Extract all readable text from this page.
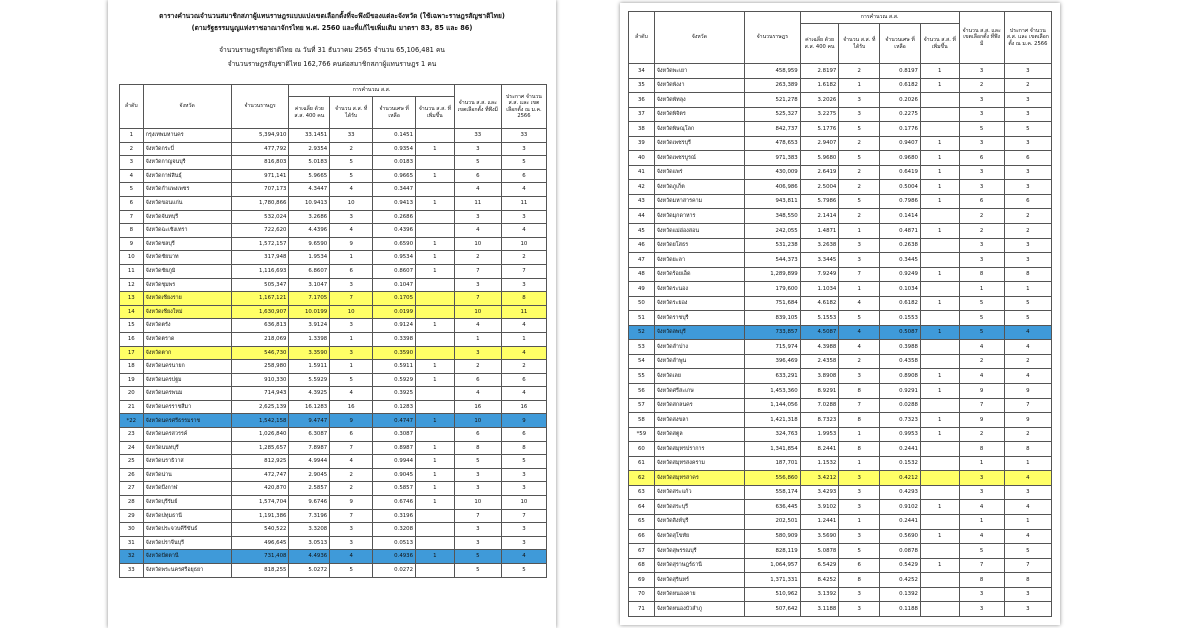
ตารางคำนวณจำนวนสมาชิกสภาผู้แทนราษฎรแบบแบ่งเขตเลือกตั้งที่จะพึงมีของแต่ละจังหวัด (ใช้เฉพาะราษฎรสัญชาติไทย)
(ตามรัฐธรรมนูญแห่งราชอาณาจักรไทย พ.ศ. 2560 และที่แก้ไขเพิ่มเติม มาตรา 83, 85 และ 86)
จำนวนราษฎรสัญชาติไทย ณ วันที่ 31 ธันวาคม 2565 จำนวน 65,106,481 คน
จำนวนราษฎรสัญชาติไทย 162,766 คนต่อสมาชิกสภาผู้แทนราษฎร 1 คน
ลำดับ	จังหวัด	จำนวนราษฎร	การคำนวณ ส.ส.				จำนวน ส.ส. และ เขตเลือกตั้ง ที่พึงมี	ประกาศ จำนวน ส.ส. และ เขตเลือกตั้ง ณ ม.ค. 2566
			ค่าเฉลี่ย ด้วย ส.ส. 400 คน	จำนวน ส.ส. ที่ได้รับ	จำนวนเศษ ที่เหลือ	จำนวน ส.ส. ที่เพิ่มขึ้น		
1	กรุงเทพมหานคร	5,394,910	33.1451	33	0.1451		33	33
2	จังหวัดกระบี่	477,792	2.9354	2	0.9354	1	3	3
3	จังหวัดกาญจนบุรี	816,803	5.0183	5	0.0183		5	5
4	จังหวัดกาฬสินธุ์	971,141	5.9665	5	0.9665	1	6	6
5	จังหวัดกำแพงเพชร	707,173	4.3447	4	0.3447		4	4
6	จังหวัดขอนแก่น	1,780,866	10.9413	10	0.9413	1	11	11
7	จังหวัดจันทบุรี	532,024	3.2686	3	0.2686		3	3
8	จังหวัดฉะเชิงเทรา	722,620	4.4396	4	0.4396		4	4
9	จังหวัดชลบุรี	1,572,157	9.6590	9	0.6590	1	10	10
10	จังหวัดชัยนาท	317,948	1.9534	1	0.9534	1	2	2
11	จังหวัดชัยภูมิ	1,116,693	6.8607	6	0.8607	1	7	7
12	จังหวัดชุมพร	505,347	3.1047	3	0.1047		3	3
13	จังหวัดเชียงราย	1,167,121	7.1705	7	0.1705		7	8
14	จังหวัดเชียงใหม่	1,630,907	10.0199	10	0.0199		10	11
15	จังหวัดตรัง	636,813	3.9124	3	0.9124	1	4	4
16	จังหวัดตราด	218,069	1.3398	1	0.3398		1	1
17	จังหวัดตาก	546,730	3.3590	3	0.3590		3	4
18	จังหวัดนครนายก	258,980	1.5911	1	0.5911	1	2	2
19	จังหวัดนครปฐม	910,330	5.5929	5	0.5929	1	6	6
20	จังหวัดนครพนม	714,943	4.3925	4	0.3925		4	4
21	จังหวัดนครราชสีมา	2,625,139	16.1283	16	0.1283		16	16
*22	จังหวัดนครศรีธรรมราช	1,542,158	9.4747	9	0.4747	1	10	9
23	จังหวัดนครสวรรค์	1,026,840	6.3087	6	0.3087		6	6
24	จังหวัดนนทบุรี	1,285,657	7.8987	7	0.8987	1	8	8
25	จังหวัดนราธิวาส	812,925	4.9944	4	0.9944	1	5	5
26	จังหวัดน่าน	472,747	2.9045	2	0.9045	1	3	3
27	จังหวัดบึงกาฬ	420,870	2.5857	2	0.5857	1	3	3
28	จังหวัดบุรีรัมย์	1,574,704	9.6746	9	0.6746	1	10	10
29	จังหวัดปทุมธานี	1,191,386	7.3196	7	0.3196		7	7
30	จังหวัดประจวบคีรีขันธ์	540,522	3.3208	3	0.3208		3	3
31	จังหวัดปราจีนบุรี	496,645	3.0513	3	0.0513		3	3
32	จังหวัดปัตตานี	731,408	4.4936	4	0.4936	1	5	4
33	จังหวัดพระนครศรีอยุธยา	818,255	5.0272	5	0.0272		5	5
ลำดับ	จังหวัด	จำนวนราษฎร	การคำนวณ ส.ส.				จำนวน ส.ส. และ เขตเลือกตั้ง ที่พึงมี	ประกาศ จำนวน ส.ส. และ เขตเลือกตั้ง ณ ม.ค. 2566
			ค่าเฉลี่ย ด้วย ส.ส. 400 คน	จำนวน ส.ส. ที่ได้รับ	จำนวนเศษ ที่เหลือ	จำนวน ส.ส. ที่เพิ่มขึ้น		
34	จังหวัดพะเยา	458,959	2.8197	2	0.8197	1	3	3
35	จังหวัดพังงา	263,389	1.6182	1	0.6182	1	2	2
36	จังหวัดพัทลุง	521,278	3.2026	3	0.2026		3	3
37	จังหวัดพิจิตร	525,327	3.2275	3	0.2275		3	3
38	จังหวัดพิษณุโลก	842,737	5.1776	5	0.1776		5	5
39	จังหวัดเพชรบุรี	478,653	2.9407	2	0.9407	1	3	3
40	จังหวัดเพชรบูรณ์	971,383	5.9680	5	0.9680	1	6	6
41	จังหวัดแพร่	430,009	2.6419	2	0.6419	1	3	3
42	จังหวัดภูเก็ต	406,986	2.5004	2	0.5004	1	3	3
43	จังหวัดมหาสารคาม	943,811	5.7986	5	0.7986	1	6	6
44	จังหวัดมุกดาหาร	348,550	2.1414	2	0.1414		2	2
45	จังหวัดแม่ฮ่องสอน	242,055	1.4871	1	0.4871	1	2	2
46	จังหวัดยโสธร	531,238	3.2638	3	0.2638		3	3
47	จังหวัดยะลา	544,373	3.3445	3	0.3445		3	3
48	จังหวัดร้อยเอ็ด	1,289,899	7.9249	7	0.9249	1	8	8
49	จังหวัดระนอง	179,600	1.1034	1	0.1034		1	1
50	จังหวัดระยอง	751,684	4.6182	4	0.6182	1	5	5
51	จังหวัดราชบุรี	839,105	5.1553	5	0.1553		5	5
52	จังหวัดลพบุรี	733,857	4.5087	4	0.5087	1	5	4
53	จังหวัดลำปาง	715,974	4.3988	4	0.3988		4	4
54	จังหวัดลำพูน	396,469	2.4358	2	0.4358		2	2
55	จังหวัดเลย	633,291	3.8908	3	0.8908	1	4	4
56	จังหวัดศรีสะเกษ	1,453,360	8.9291	8	0.9291	1	9	9
57	จังหวัดสกลนคร	1,144,056	7.0288	7	0.0288		7	7
58	จังหวัดสงขลา	1,421,318	8.7323	8	0.7323	1	9	9
*59	จังหวัดสตูล	324,763	1.9953	1	0.9953	1	2	2
60	จังหวัดสมุทรปราการ	1,341,854	8.2441	8	0.2441		8	8
61	จังหวัดสมุทรสงคราม	187,701	1.1532	1	0.1532		1	1
62	จังหวัดสมุทรสาคร	556,860	3.4212	3	0.4212		3	4
63	จังหวัดสระแก้ว	558,174	3.4293	3	0.4293		3	3
64	จังหวัดสระบุรี	636,445	3.9102	3	0.9102	1	4	4
65	จังหวัดสิงห์บุรี	202,501	1.2441	1	0.2441		1	1
66	จังหวัดสุโขทัย	580,909	3.5690	3	0.5690	1	4	4
67	จังหวัดสุพรรณบุรี	828,119	5.0878	5	0.0878		5	5
68	จังหวัดสุราษฎร์ธานี	1,064,957	6.5429	6	0.5429	1	7	7
69	จังหวัดสุรินทร์	1,371,331	8.4252	8	0.4252		8	8
70	จังหวัดหนองคาย	510,962	3.1392	3	0.1392		3	3
71	จังหวัดหนองบัวลำภู	507,642	3.1188	3	0.1188		3	3
